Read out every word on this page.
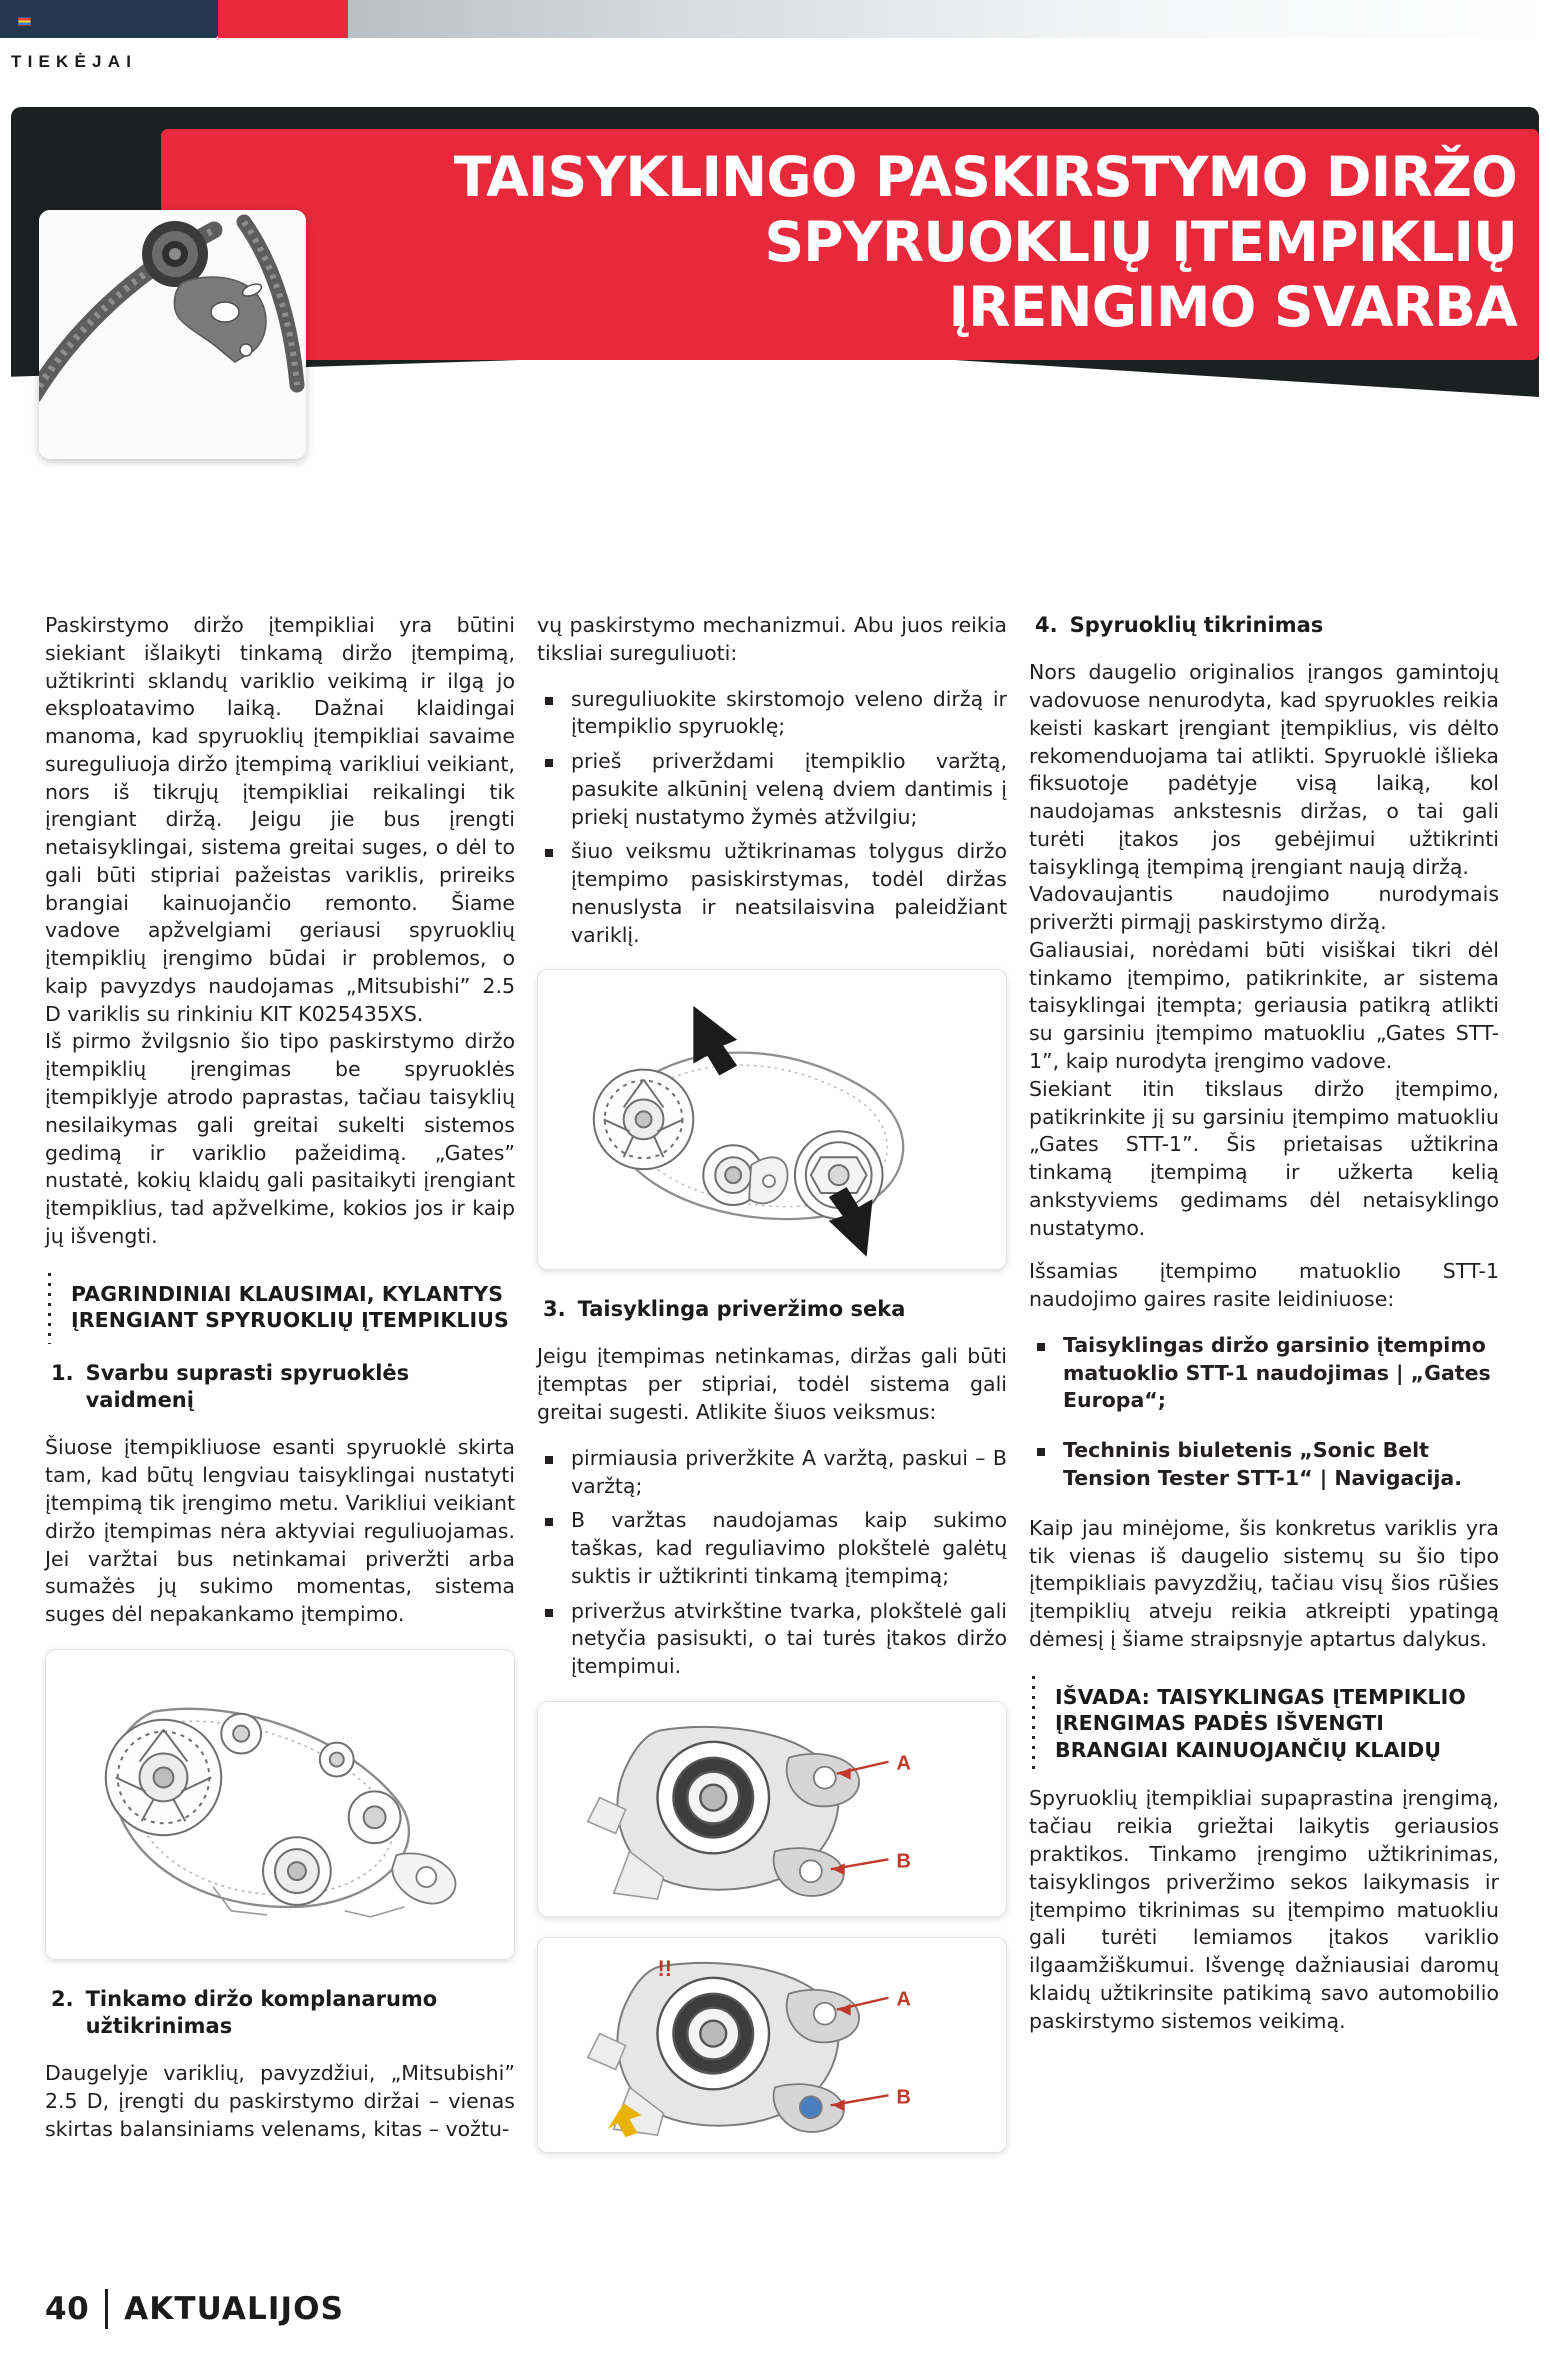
TIEKĖJAI
TAISYKLINGO PASKIRSTYMO DIRŽO
SPYRUOKLIŲ ĮTEMPIKLIŲ
ĮRENGIMO SVARBA

Paskirstymo diržo įtempikliai yra būtini siekiant išlaikyti tinkamą diržo įtempimą, užtikrinti sklandų variklio veikimą ir ilgą jo eksploatavimo laiką. Dažnai klaidingai manoma, kad spyruoklių įtempikliai savaime sureguliuoja diržo įtempimą varikliui veikiant, nors iš tikrųjų įtempikliai reikalingi tik įrengiant diržą. Jeigu jie bus įrengti netaisyklingai, sistema greitai suges, o dėl to gali būti stipriai pažeistas variklis, prireiks brangiai kainuojančio remonto. Šiame vadove apžvelgiami geriausi spyruoklių įtempiklių įrengimo būdai ir problemos, o kaip pavyzdys naudojamas „Mitsubishi” 2.5 D variklis su rinkiniu KIT K025435XS.

Iš pirmo žvilgsnio šio tipo paskirstymo diržo įtempiklių įrengimas be spyruoklės įtempiklyje atrodo paprastas, tačiau taisyklių nesilaikymas gali greitai sukelti sistemos gedimą ir variklio pažeidimą. „Gates” nustatė, kokių klaidų gali pasitaikyti įrengiant įtempiklius, tad apžvelkime, kokios jos ir kaip jų išvengti.

PAGRINDINIAI KLAUSIMAI, KYLANTYS ĮRENGIANT SPYRUOKLIŲ ĮTEMPIKLIUS
1. Svarbu suprasti spyruoklės vaidmenį

Šiuose įtempikliuose esanti spyruoklė skirta tam, kad būtų lengviau taisyklingai nustatyti įtempimą tik įrengimo metu. Varikliui veikiant diržo įtempimas nėra aktyviai reguliuojamas. Jei varžtai bus netinkamai priveržti arba sumažės jų sukimo momentas, sistema suges dėl nepakankamo įtempimo.

2. Tinkamo diržo komplanarumo užtikrinimas

Daugelyje variklių, pavyzdžiui, „Mitsubishi” 2.5 D, įrengti du paskirstymo diržai – vienas skirtas balansiniams velenams, kitas – vožtu-

vų paskirstymo mechanizmui. Abu juos reikia tiksliai sureguliuoti:

sureguliuokite skirstomojo veleno diržą ir įtempiklio spyruoklę;
prieš priverždami įtempiklio varžtą, pasukite alkūninį veleną dviem dantimis į priekį nustatymo žymės atžvilgiu;
šiuo veiksmu užtikrinamas tolygus diržo įtempimo pasiskirstymas, todėl diržas nenuslysta ir neatsilaisvina paleidžiant variklį.
3. Taisyklinga priveržimo seka

Jeigu įtempimas netinkamas, diržas gali būti įtemptas per stipriai, todėl sistema gali greitai sugesti. Atlikite šiuos veiksmus:

pirmiausia priveržkite A varžtą, paskui – B varžtą;
B varžtas naudojamas kaip sukimo taškas, kad reguliavimo plokštelė galėtų suktis ir užtikrinti tinkamą įtempimą;
priveržus atvirkštine tvarka, plokštelė gali netyčia pasisukti, o tai turės įtakos diržo įtempimui.
A
B
!!
A
B
4. Spyruoklių tikrinimas

Nors daugelio originalios įrangos gamintojų vadovuose nenurodyta, kad spyruokles reikia keisti kaskart įrengiant įtempiklius, vis dėlto rekomenduojama tai atlikti. Spyruoklė išlieka fiksuotoje padėtyje visą laiką, kol naudojamas ankstesnis diržas, o tai gali turėti įtakos jos gebėjimui užtikrinti taisyklingą įtempimą įrengiant naują diržą.

Vadovaujantis naudojimo nurodymais priveržti pirmąjį paskirstymo diržą.

Galiausiai, norėdami būti visiškai tikri dėl tinkamo įtempimo, patikrinkite, ar sistema taisyklingai įtempta; geriausia patikrą atlikti su garsiniu įtempimo matuokliu „Gates STT-1”, kaip nurodyta įrengimo vadove.

Siekiant itin tikslaus diržo įtempimo, patikrinkite jį su garsiniu įtempimo matuokliu „Gates STT-1”. Šis prietaisas užtikrina tinkamą įtempimą ir užkerta kelią ankstyviems gedimams dėl netaisyklingo nustatymo.

Išsamias įtempimo matuoklio STT-1 naudojimo gaires rasite leidiniuose:

Taisyklingas diržo garsinio įtempimo matuoklio STT-1 naudojimas | „Gates Europa“;
Techninis biuletenis „Sonic Belt Tension Tester STT-1“ | Navigacija.

Kaip jau minėjome, šis konkretus variklis yra tik vienas iš daugelio sistemų su šio tipo įtempikliais pavyzdžių, tačiau visų šios rūšies įtempiklių atveju reikia atkreipti ypatingą dėmesį į šiame straipsnyje aptartus dalykus.

IŠVADA: TAISYKLINGAS ĮTEMPIKLIO ĮRENGIMAS PADĖS IŠVENGTI BRANGIAI KAINUOJANČIŲ KLAIDŲ

Spyruoklių įtempikliai supaprastina įrengimą, tačiau reikia griežtai laikytis geriausios praktikos. Tinkamo įrengimo užtikrinimas, taisyklingos priveržimo sekos laikymasis ir įtempimo tikrinimas su įtempimo matuokliu gali turėti lemiamos įtakos variklio ilgaamžiškumui. Išvengę dažniausiai daromų klaidų užtikrinsite patikimą savo automobilio paskirstymo sistemos veikimą.

40 AKTUALIJOS
